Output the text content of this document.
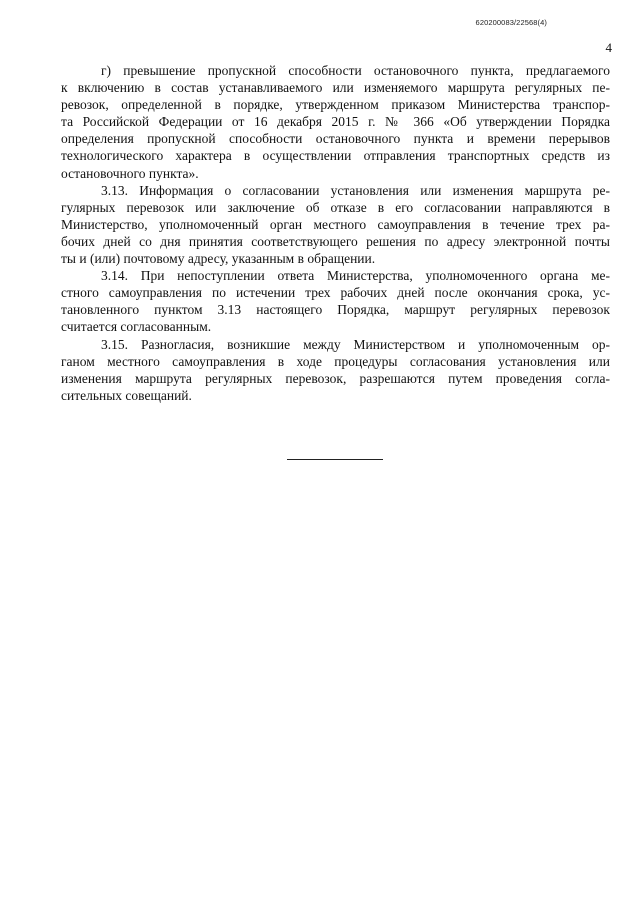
620200083/22568(4)
4
г) превышение пропускной способности остановочного пункта, предлагаемого
к включению в состав устанавливаемого или изменяемого маршрута регулярных пе-
ревозок, определенной в порядке, утвержденном приказом Министерства транспор-
та Российской Федерации от 16 декабря 2015 г. № 366 «Об утверждении Порядка
определения пропускной способности остановочного пункта и времени перерывов
технологического характера в осуществлении отправления транспортных средств из
остановочного пункта».
3.13. Информация о согласовании установления или изменения маршрута ре-
гулярных перевозок или заключение об отказе в его согласовании направляются в
Министерство, уполномоченный орган местного самоуправления в течение трех ра-
бочих дней со дня принятия соответствующего решения по адресу электронной почты
ты и (или) почтовому адресу, указанным в обращении.
3.14. При непоступлении ответа Министерства, уполномоченного органа ме-
стного самоуправления по истечении трех рабочих дней после окончания срока, ус-
тановленного пунктом 3.13 настоящего Порядка, маршрут регулярных перевозок
считается согласованным.
3.15. Разногласия, возникшие между Министерством и уполномоченным ор-
ганом местного самоуправления в ходе процедуры согласования установления или
изменения маршрута регулярных перевозок, разрешаются путем проведения согла-
сительных совещаний.
